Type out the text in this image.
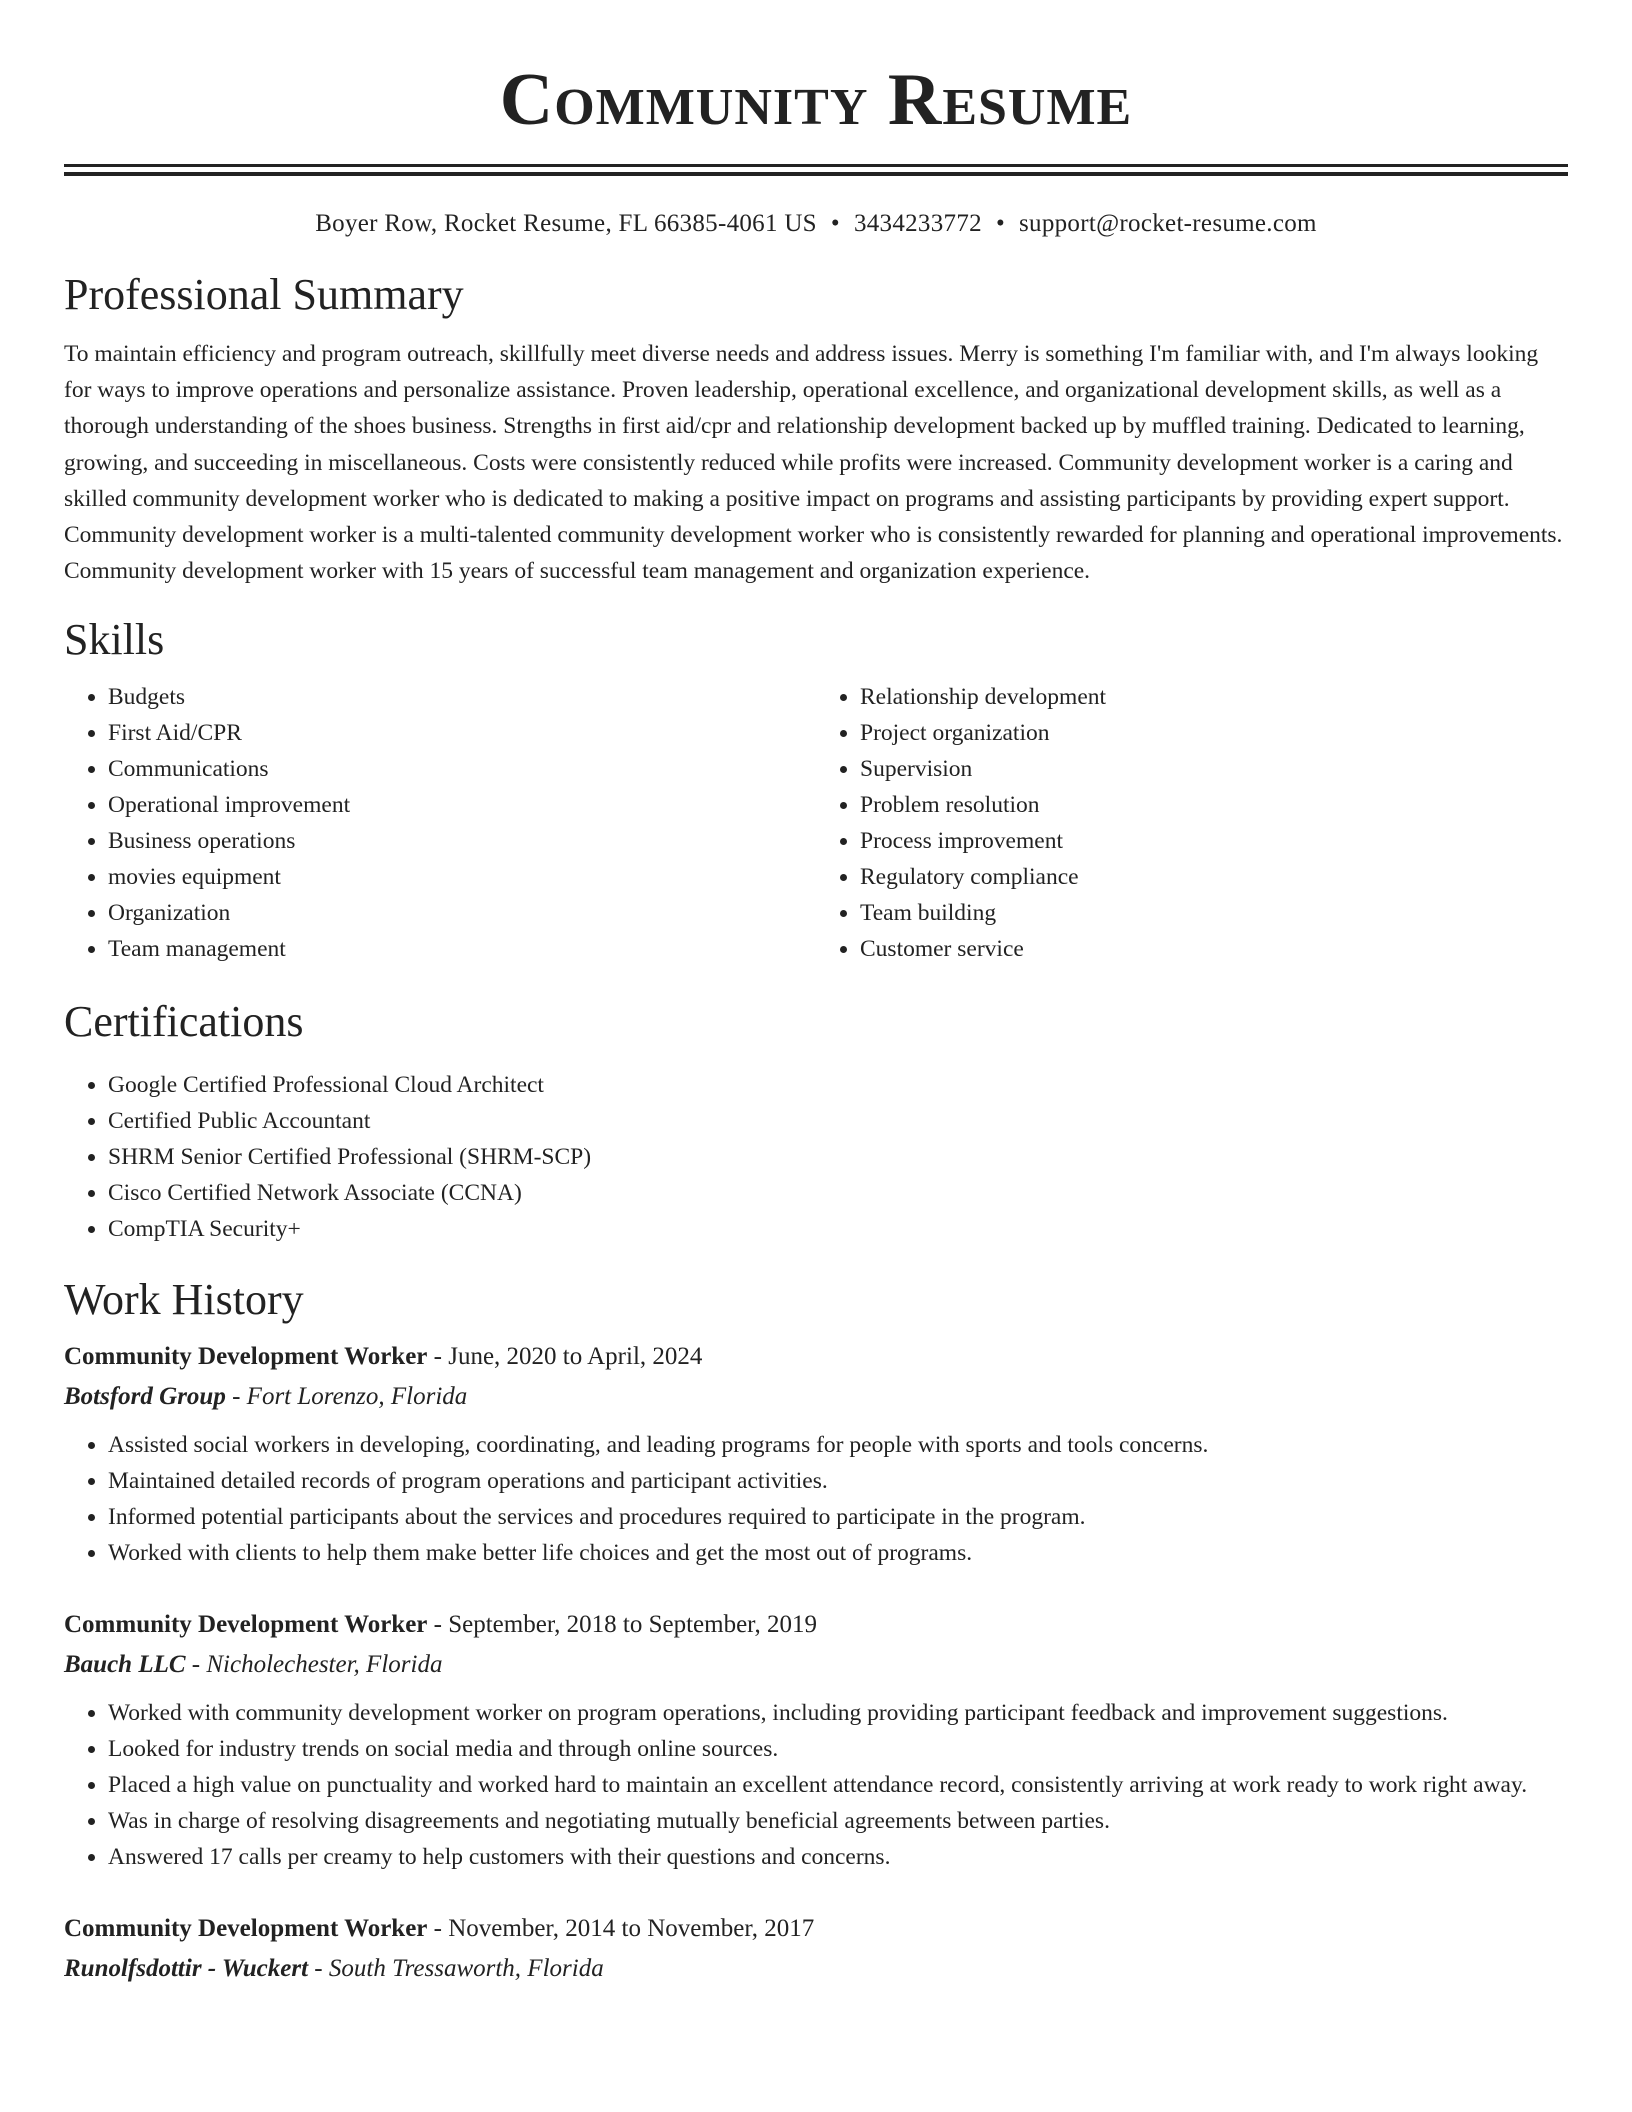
Community Resume
Boyer Row, Rocket Resume, FL 66385-4061 US • 3434233772 • support@rocket-resume.com
Professional Summary

To maintain efficiency and program outreach, skillfully meet diverse needs and address issues. Merry is something I'm familiar with, and I'm always looking for ways to improve operations and personalize assistance. Proven leadership, operational excellence, and organizational development skills, as well as a thorough understanding of the shoes business. Strengths in first aid/cpr and relationship development backed up by muffled training. Dedicated to learning, growing, and succeeding in miscellaneous. Costs were consistently reduced while profits were increased. Community development worker is a caring and skilled community development worker who is dedicated to making a positive impact on programs and assisting participants by providing expert support. Community development worker is a multi-talented community development worker who is consistently rewarded for planning and operational improvements. Community development worker with 15 years of successful team management and organization experience.

Skills
• Budgets
• First Aid/CPR
• Communications
• Operational improvement
• Business operations
• movies equipment
• Organization
• Team management
• Relationship development
• Project organization
• Supervision
• Problem resolution
• Process improvement
• Regulatory compliance
• Team building
• Customer service
Certifications
• Google Certified Professional Cloud Architect
• Certified Public Accountant
• SHRM Senior Certified Professional (SHRM-SCP)
• Cisco Certified Network Associate (CCNA)
• CompTIA Security+
Work History
Community Development Worker - June, 2020 to April, 2024
Botsford Group - Fort Lorenzo, Florida
• Assisted social workers in developing, coordinating, and leading programs for people with sports and tools concerns.
• Maintained detailed records of program operations and participant activities.
• Informed potential participants about the services and procedures required to participate in the program.
• Worked with clients to help them make better life choices and get the most out of programs.
Community Development Worker - September, 2018 to September, 2019
Bauch LLC - Nicholechester, Florida
• Worked with community development worker on program operations, including providing participant feedback and improvement suggestions.
• Looked for industry trends on social media and through online sources.
• Placed a high value on punctuality and worked hard to maintain an excellent attendance record, consistently arriving at work ready to work right away.
• Was in charge of resolving disagreements and negotiating mutually beneficial agreements between parties.
• Answered 17 calls per creamy to help customers with their questions and concerns.
Community Development Worker - November, 2014 to November, 2017
Runolfsdottir - Wuckert - South Tressaworth, Florida
